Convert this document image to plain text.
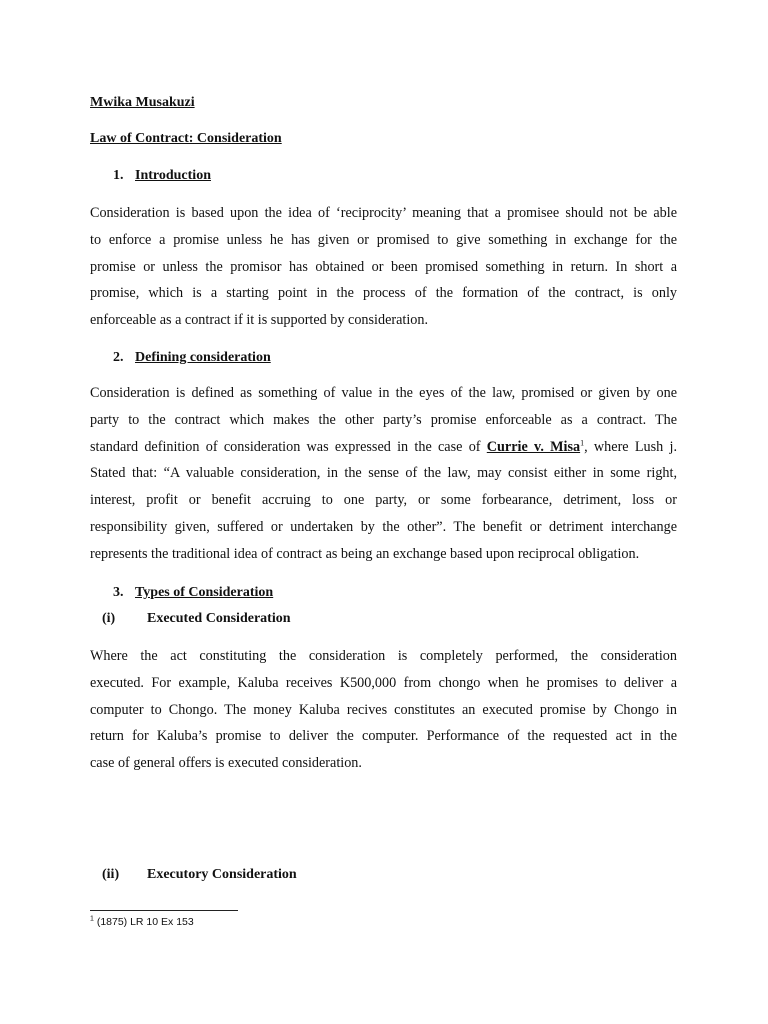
Mwika Musakuzi
Law of Contract: Consideration
1. Introduction
Consideration is based upon the idea of ‘reciprocity’ meaning that a promisee should not be able
to enforce a promise unless he has given or promised to give something in exchange for the
promise or unless the promisor has obtained or been promised something in return. In short a
promise, which is a starting point in the process of the formation of the contract, is only
enforceable as a contract if it is supported by consideration.
2. Defining consideration
Consideration is defined as something of value in the eyes of the law, promised or given by one
party to the contract which makes the other party’s promise enforceable as a contract. The
standard definition of consideration was expressed in the case of Currie v. Misa$^1$, where Lush j.
Stated that: “A valuable consideration, in the sense of the law, may consist either in some right,
interest, profit or benefit accruing to one party, or some forbearance, detriment, loss or
responsibility given, suffered or undertaken by the other”. The benefit or detriment interchange
represents the traditional idea of contract as being an exchange based upon reciprocal obligation.
3. Types of Consideration
(i) Executed Consideration
Where the act constituting the consideration is completely performed, the consideration
executed. For example, Kaluba receives K500,000 from chongo when he promises to deliver a
computer to Chongo. The money Kaluba recives constitutes an executed promise by Chongo in
return for Kaluba’s promise to deliver the computer. Performance of the requested act in the
case of general offers is executed consideration.
(ii) Executory Consideration
$^1$ (1875) LR 10 Ex 153
